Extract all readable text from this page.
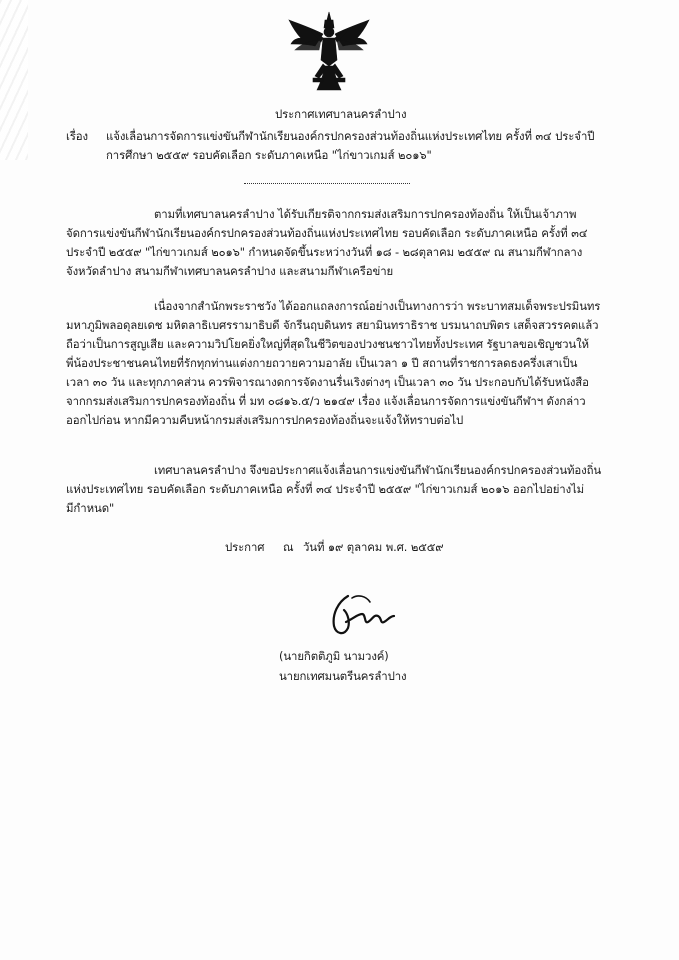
ประกาศเทศบาลนครลำปาง
เรื่อง แจ้งเลื่อนการจัดการแข่งขันกีฬานักเรียนองค์กรปกครองส่วนท้องถิ่นแห่งประเทศไทย ครั้งที่ ๓๔ ประจำปี
การศึกษา ๒๕๕๙ รอบคัดเลือก ระดับภาคเหนือ "ไก่ขาวเกมส์ ๒๐๑๖"
ตามที่เทศบาลนครลำปาง ได้รับเกียรติจากกรมส่งเสริมการปกครองท้องถิ่น ให้เป็นเจ้าภาพ
จัดการแข่งขันกีฬานักเรียนองค์กรปกครองส่วนท้องถิ่นแห่งประเทศไทย รอบคัดเลือก ระดับภาคเหนือ ครั้งที่ ๓๔
ประจำปี ๒๕๕๙ "ไก่ขาวเกมส์ ๒๐๑๖" กำหนดจัดขึ้นระหว่างวันที่ ๑๘ - ๒๘ตุลาคม ๒๕๕๙ ณ สนามกีฬากลาง
จังหวัดลำปาง สนามกีฬาเทศบาลนครลำปาง และสนามกีฬาเครือข่าย
เนื่องจากสำนักพระราชวัง ได้ออกแถลงการณ์อย่างเป็นทางการว่า พระบาทสมเด็จพระปรมินทร
มหาภูมิพลอดุลยเดช มหิตลาธิเบศรรามาธิบดี จักรีนฤบดินทร สยามินทราธิราช บรมนาถบพิตร เสด็จสวรรคตแล้ว
ถือว่าเป็นการสูญเสีย และความวิปโยคยิ่งใหญ่ที่สุดในชีวิตของปวงชนชาวไทยทั้งประเทศ รัฐบาลขอเชิญชวนให้
พี่น้องประชาชนคนไทยที่รักทุกท่านแต่งกายถวายความอาลัย เป็นเวลา ๑ ปี สถานที่ราชการลดธงครึ่งเสาเป็น
เวลา ๓๐ วัน และทุกภาคส่วน ควรพิจารณางดการจัดงานรื่นเริงต่างๆ เป็นเวลา ๓๐ วัน ประกอบกับได้รับหนังสือ
จากกรมส่งเสริมการปกครองท้องถิ่น ที่ มท ๐๘๑๖.๕/ว ๒๑๔๙ เรื่อง แจ้งเลื่อนการจัดการแข่งขันกีฬาฯ ดังกล่าว
ออกไปก่อน หากมีความคืบหน้ากรมส่งเสริมการปกครองท้องถิ่นจะแจ้งให้ทราบต่อไป
เทศบาลนครลำปาง จึงขอประกาศแจ้งเลื่อนการแข่งขันกีฬานักเรียนองค์กรปกครองส่วนท้องถิ่น
แห่งประเทศไทย รอบคัดเลือก ระดับภาคเหนือ ครั้งที่ ๓๔ ประจำปี ๒๕๕๙ "ไก่ขาวเกมส์ ๒๐๑๖ ออกไปอย่างไม่
มีกำหนด"
ประกาศ ณ วันที่ ๑๙ ตุลาคม พ.ศ. ๒๕๕๙
(นายกิตติภูมิ นามวงค์)
นายกเทศมนตรีนครลำปาง
